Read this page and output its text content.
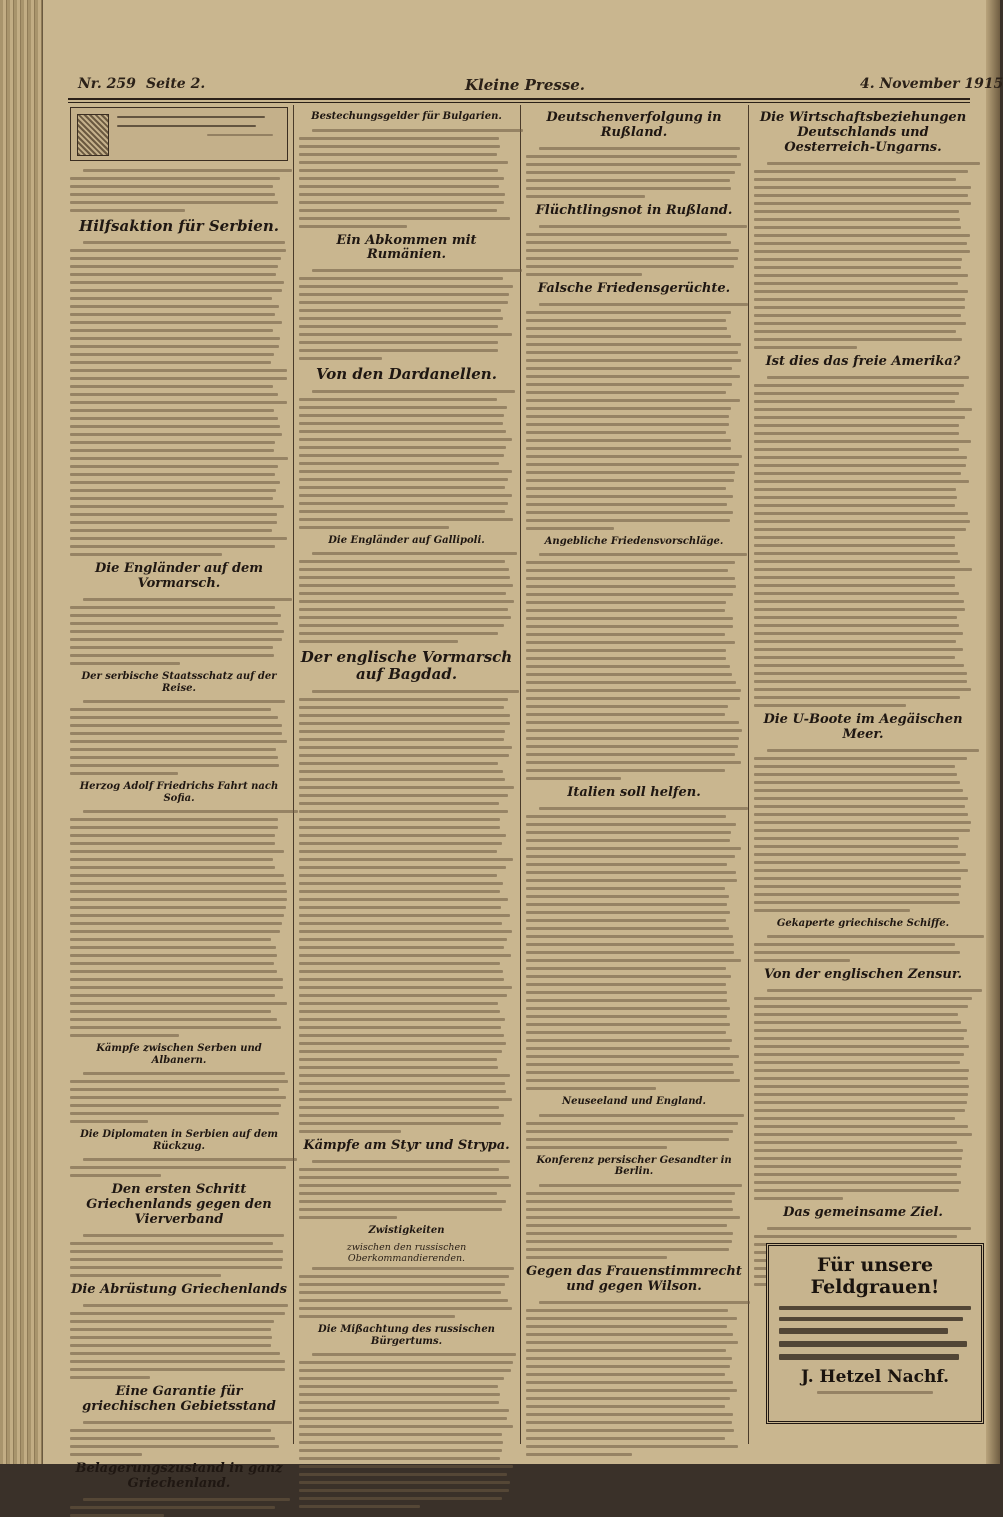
Nr. 259 Seite 2.	Kleine Presse.	4. November 1915
Hilfsaktion für Serbien.
Die Engländer auf dem Vormarsch.
Der serbische Staatsschatz auf der Reise.
Herzog Adolf Friedrichs Fahrt nach Sofia.
Kämpfe zwischen Serben und Albanern.
Die Diplomaten in Serbien auf dem Rückzug.
Den ersten Schritt Griechenlands gegen den Vierverband
Die Abrüstung Griechenlands
Eine Garantie für griechischen Gebietsstand
Belagerungszustand in ganz Griechenland.
Bestechungsgelder für Bulgarien.
Ein Abkommen mit Rumänien.
Von den Dardanellen.
Die Engländer auf Gallipoli.
Der englische Vormarsch auf Bagdad.
Kämpfe am Styr und Strypa.
Zwistigkeiten
zwischen den russischen Oberkommandierenden.
Die Mißachtung des russischen Bürgertums.
Deutschenverfolgung in Rußland.
Flüchtlingsnot in Rußland.
Falsche Friedensgerüchte.
Angebliche Friedensvorschläge.
Italien soll helfen.
Neuseeland und England.
Konferenz persischer Gesandter in Berlin.
Gegen das Frauenstimmrecht und gegen Wilson.
Die Wirtschaftsbeziehungen Deutschlands und Oesterreich-Ungarns.
Ist dies das freie Amerika?
Die U-Boote im Aegäischen Meer.
Gekaperte griechische Schiffe.
Von der englischen Zensur.
Das gemeinsame Ziel.
Für unsere Feldgrauen!
J. Hetzel Nachf.
